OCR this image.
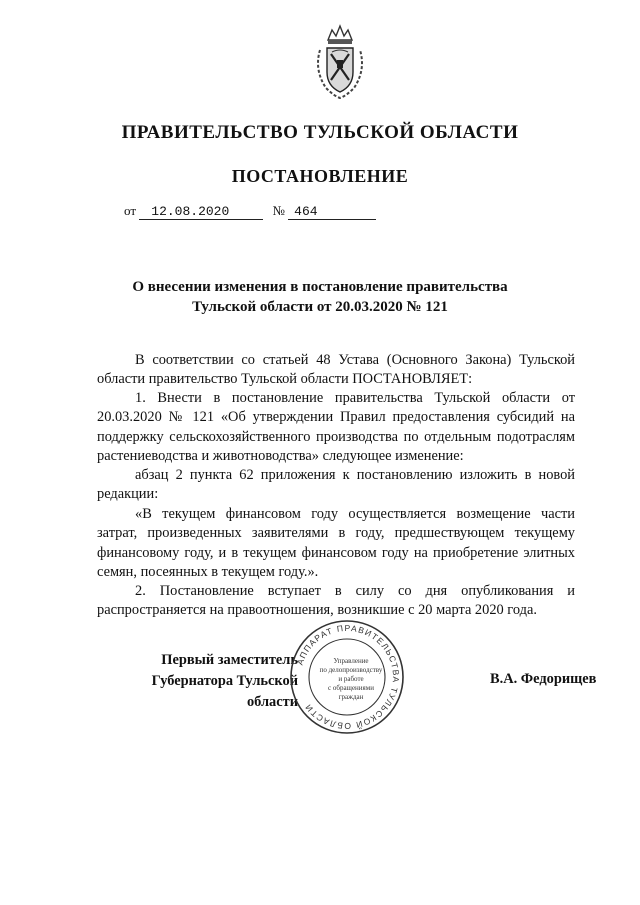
ПРАВИТЕЛЬСТВО ТУЛЬСКОЙ ОБЛАСТИ
ПОСТАНОВЛЕНИЕ
от 12.08.2020	№ 464
О внесении изменения в постановление правительства
Тульской области от 20.03.2020 № 121
В соответствии со статьей 48 Устава (Основного Закона) Тульской области правительство Тульской области ПОСТАНОВЛЯЕТ:
1. Внести в постановление правительства Тульской области от 20.03.2020 № 121 «Об утверждении Правил предоставления субсидий на поддержку сельскохозяйственного производства по отдельным подотраслям растениеводства и животноводства» следующее изменение:
абзац 2 пункта 62 приложения к постановлению изложить в новой редакции:
«В текущем финансовом году осуществляется возмещение части затрат, произведенных заявителями в году, предшествующем текущему финансовому году, и в текущем финансовом году на приобретение элитных семян, посеянных в текущем году.».
2. Постановление вступает в силу со дня опубликования и распространяется на правоотношения, возникшие с 20 марта 2020 года.
Первый заместитель
Губернатора Тульской области
В.А. Федорищев
АППАРАТ ПРАВИТЕЛЬСТВА ТУЛЬСКОЙ ОБЛАСТИ
Управление
по делопроизводству
и работе
с обращениями
граждан
